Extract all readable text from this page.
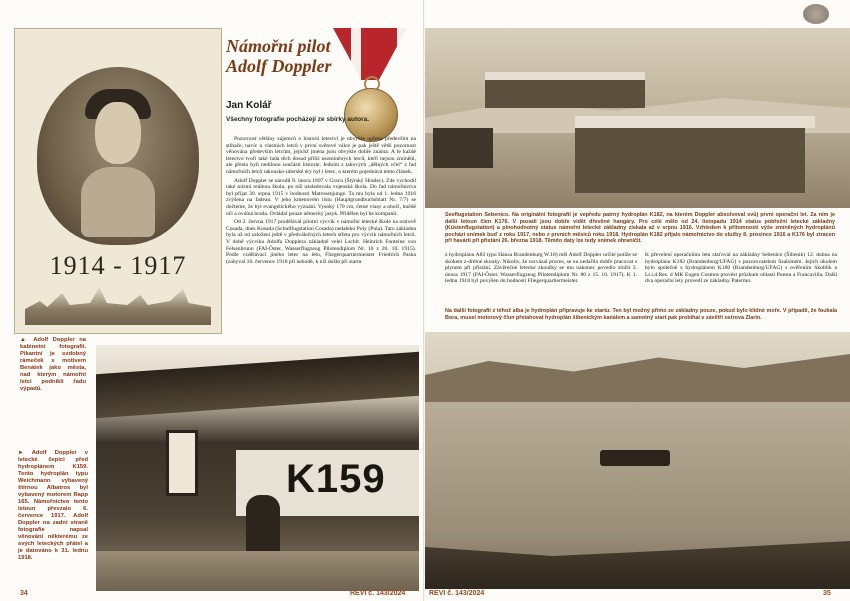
1914 - 1917
Námořní pilot
Adolf Doppler
Jan Kolář
Všechny fotografie pocházejí ze sbírky autora.

Pozornost většiny zájemců o historii letectví je obvykle upřena především na stíhače, navíc u vlastních letců v první světové válce je pak ještě větší pozornost věnována především letcům, jejichž jména jsou obvykle dobře známa. A le každé letectvo tvoří také řada těch dosud příliš nezmíněných letců, kteří nejsou zmíněni, ale přesto byli nedílnou součástí historie. Jedním z takových „dělných včel“ z řad námořních letců rakousko-uherské éry byl i letec, o kterém pojednává tento článek.

Adolf Doppler se narodil 8. února 1897 v Gracu (Štýrský Hradec). Zde vychodil také místní reálnou školu, po níž následovala vojenská škola. Do řad námořnictva byl přijat 30. srpna 1915 v hodnosti Matrosenjunge. Ta mu byla od 1. ledna 1916 zvýšena na fadeau. V jeho kmenovém listu (Hauptgrundbuchsblatt Nr. 7/7) se dočteme, že byl evangelického vyznání. Vysoký 170 cm, četné vlasy a obočí, hnědé oči a oválná brada. Ovládal pouze německý jazyk. Přidělen byl ke kompanii.

Od 2. června 1917 prodělával pilotní výcvik v námořní letecké škole na ostrově Cosada, dnes Kosada (Schulflugstation Cosada) nedaleko Poly (Pula). Tato základna byla už od založení ještě v předválečných letech střetu pro výcvik námořních letců. V době výcviku Adolfa Dopplera základně velel Lschlt. Heinrich Fonteine von Felsenbrunn (FAI-Öster. Wasserflugzeug Pilotendiplom Nr. 10 z 20. 10. 1915). Podle vzdělávací jiného letec na léto, Fliegerquartiermeister Friedrich Paska (zabyval 10. července 1918 při nehodě, k níž došlo při startu

▲ Adolf Doppler na kabinetní fotografii. Pikantní je ozdobný rámeček s motivem Benátek jako města, nad kterým námořní letci podnikli řadu výpadů.
K159
► Adolf Doppler v letecké čepici před hydroplánem K159. Tento hydroplán typu Weichmann vybavený štírnou Albatros byl vybavený motorem Rapp 165. Námořnictvo tento letoun převzalo 6. července 1917. Adolf Doppler na zadní straně fotografie napsal věnování některému ze svých leteckých přátel a je datováno k 31. lednu 1918.
34	REVI č. 143/2024
Seeflugstation Sebenico. Na originální fotografii je vepředu patrný hydroplán K182, na kterém Doppler absolvoval svůj první operační let. Za ním je další letoun člen K176. V pozadí jsou dobře vidět dřevěné hangáry. Pro celé mělo od 24. listopadu 1914 status pobřežní letecké základny (Küstenflugstation) a plnohodnotný status námořní letecké základny získala až v srpnu 1916. Vzhledem k přítomnosti výše zmíněných hydroplánů pochází snímek buď z roku 1917, nebo z prvních měsíců roku 1918. Hydroplán K182 přijalo námořnictvo do služby 8. prosince 1916 a K176 byl ztracen při havárii při přistání 26. března 1918. Těmito daty lze tedy snímek ohraničit.
z hydroplánu A83 typu Hansa Brandenburg W.18) měl Adolf Doppler určité potíže se skokem z-drétné skouky. Nikoliv, že rozvázal proces, se nu nedařilo dobře pracovat s plynem při přistání. Závěrečné letecké zkoušky se mu nakonec povedlo složit 3. února 1917 (FAI-Öster. Wasserflugzeug Pilotendiplom Nr. 80 z 15. 10. 1917). K 1. lednu 1918 byl povýšen do hodnosti Fliegerquartiermeister.
K převelení operačnímu letu staťoval na základny Sebenico (Šibenik) 12. dubna na hydroplánu K182 (Brandenburg/UFAG) s pozorovatelem Szabóném. Jejich úkolem bylo společně s hydroplánem K180 (Brandenburg/UFAG) s ověřením Skoblík a Lt.i.d.Res. d MK Eugen Cosmos provést průzkum oblasti Puesta a Francavilla. Další dva operační lety provedl ze základny Palermo.
Na další fotografii z téhož alba je hydroplán připravuje ke startu. Ten byl možný přímo ze základny pouze, pokud bylo klidné moře. V případě, že foukala Bora, musel motorový člun přetahovat hydroplán šibenickým kanálem a samotný start pak probíhal v závětří ostrova Zlarin.
REVI č. 143/2024	35
